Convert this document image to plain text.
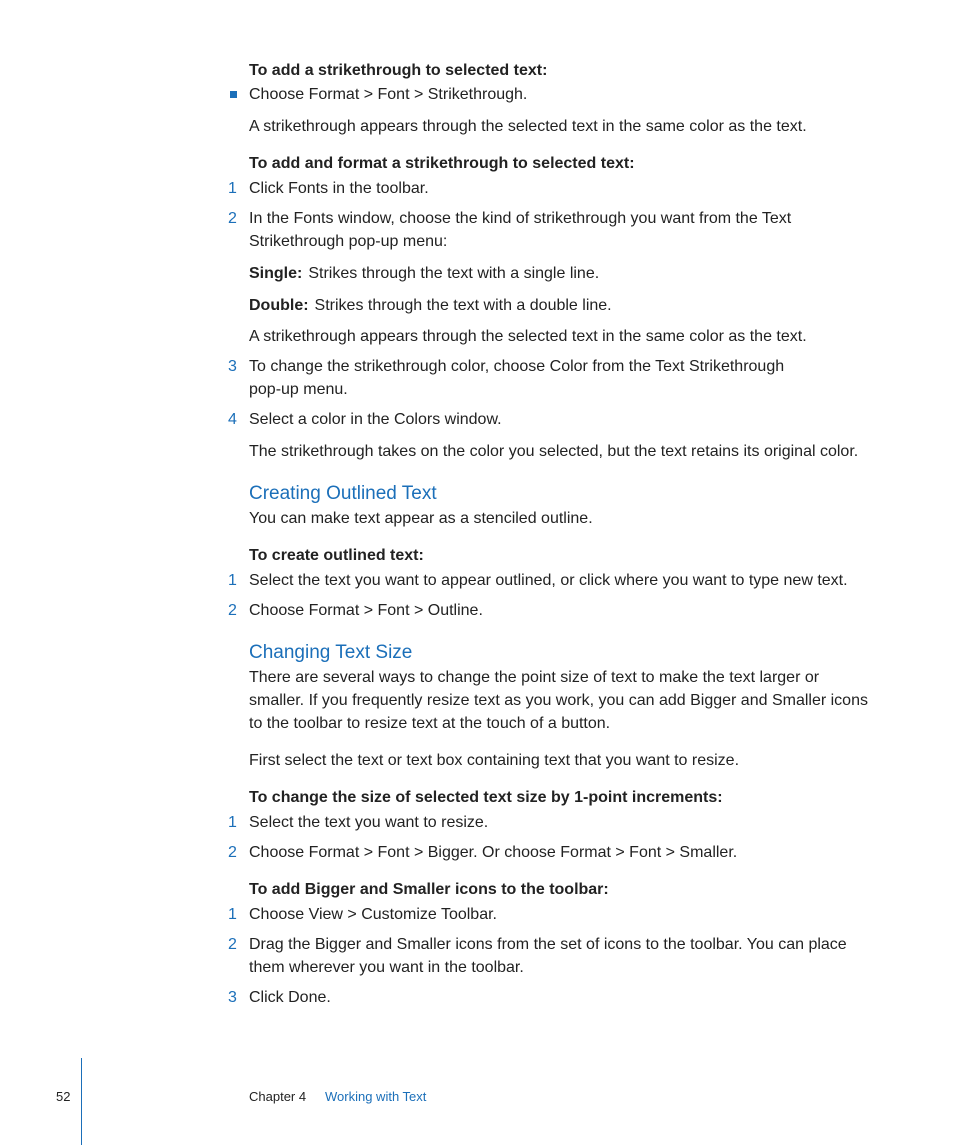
To add a strikethrough to selected text:
Choose Format > Font > Strikethrough.
A strikethrough appears through the selected text in the same color as the text.
To add and format a strikethrough to selected text:
1 Click Fonts in the toolbar.
2 In the Fonts window, choose the kind of strikethrough you want from the Text Strikethrough pop-up menu:
Single: Strikes through the text with a single line.
Double: Strikes through the text with a double line.
A strikethrough appears through the selected text in the same color as the text.
3 To change the strikethrough color, choose Color from the Text Strikethrough pop-up menu.
4 Select a color in the Colors window.
The strikethrough takes on the color you selected, but the text retains its original color.
Creating Outlined Text
You can make text appear as a stenciled outline.
To create outlined text:
1 Select the text you want to appear outlined, or click where you want to type new text.
2 Choose Format > Font > Outline.
Changing Text Size
There are several ways to change the point size of text to make the text larger or smaller. If you frequently resize text as you work, you can add Bigger and Smaller icons to the toolbar to resize text at the touch of a button.
First select the text or text box containing text that you want to resize.
To change the size of selected text size by 1-point increments:
1 Select the text you want to resize.
2 Choose Format > Font > Bigger. Or choose Format > Font > Smaller.
To add Bigger and Smaller icons to the toolbar:
1 Choose View > Customize Toolbar.
2 Drag the Bigger and Smaller icons from the set of icons to the toolbar. You can place them wherever you want in the toolbar.
3 Click Done.
52	Chapter 4 Working with Text
